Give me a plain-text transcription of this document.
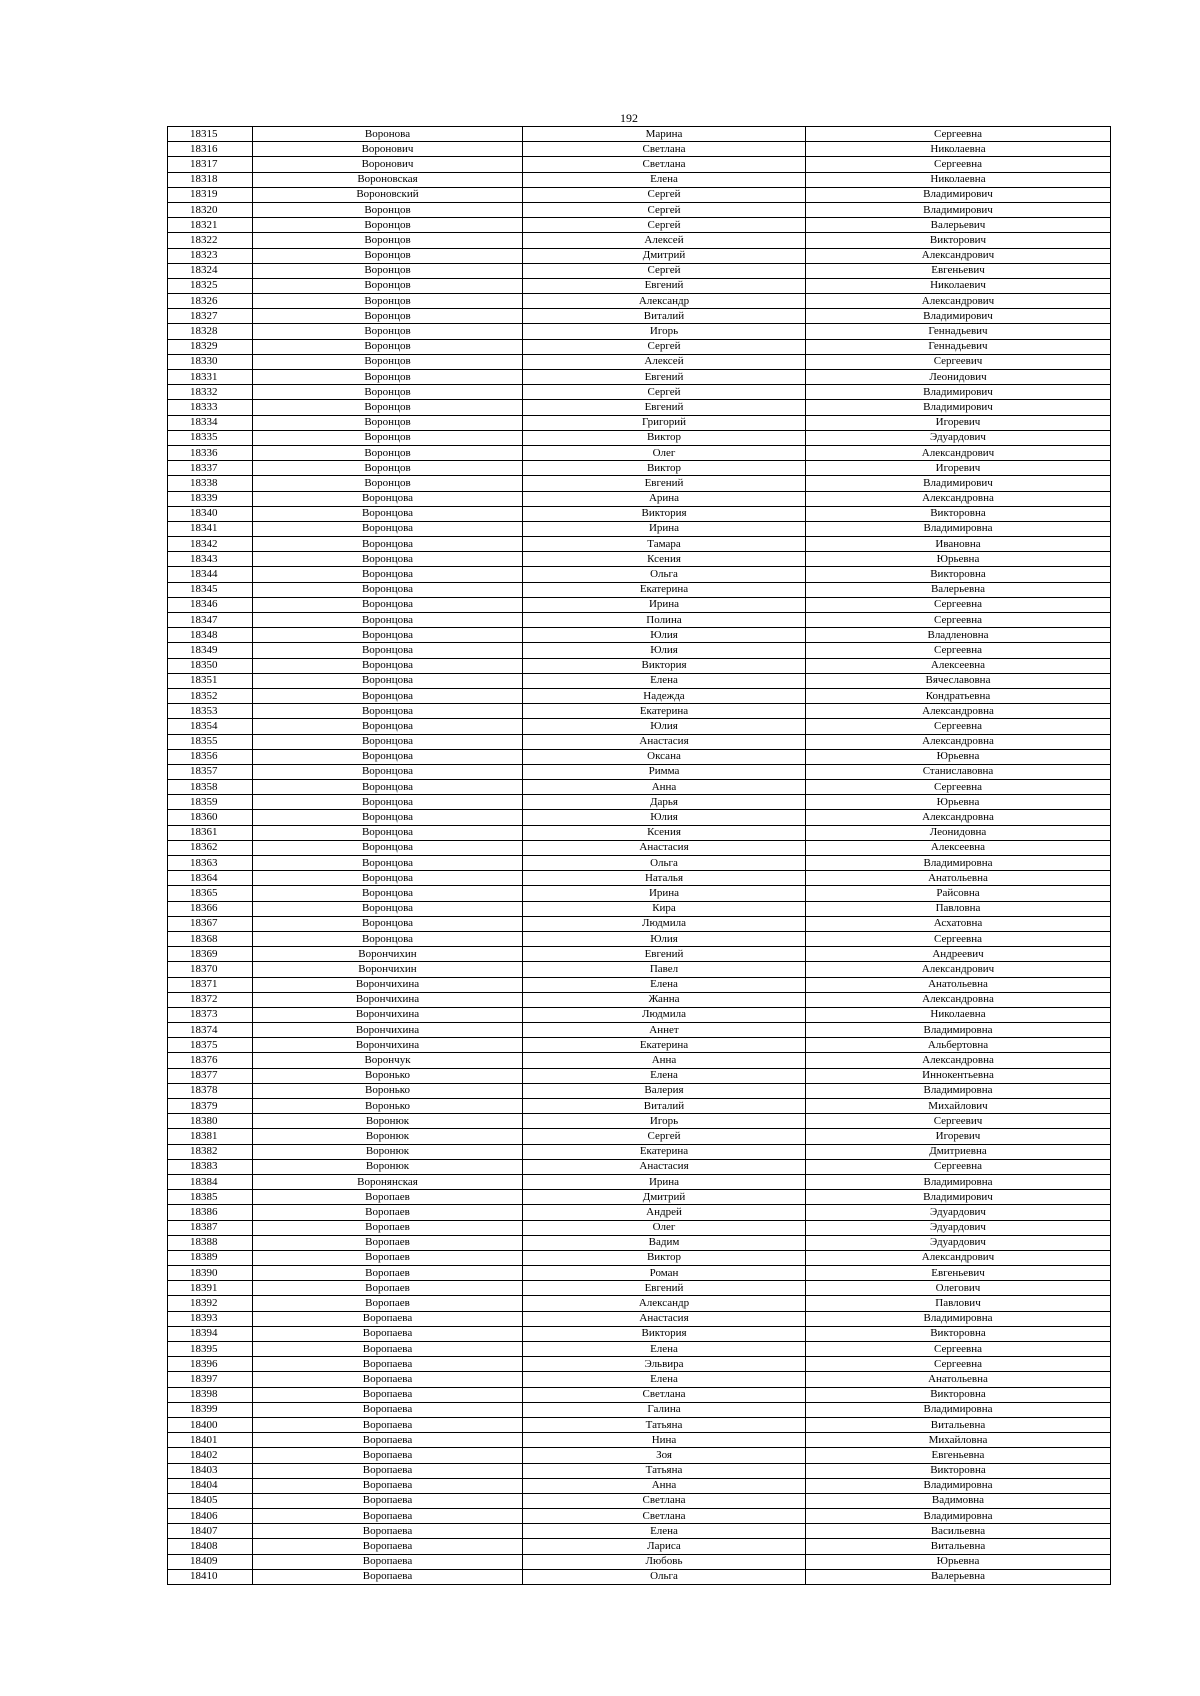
192
18315	Воронова	Марина	Сергеевна
18316	Воронович	Светлана	Николаевна
18317	Воронович	Светлана	Сергеевна
18318	Вороновская	Елена	Николаевна
18319	Вороновский	Сергей	Владимирович
18320	Воронцов	Сергей	Владимирович
18321	Воронцов	Сергей	Валерьевич
18322	Воронцов	Алексей	Викторович
18323	Воронцов	Дмитрий	Александрович
18324	Воронцов	Сергей	Евгеньевич
18325	Воронцов	Евгений	Николаевич
18326	Воронцов	Александр	Александрович
18327	Воронцов	Виталий	Владимирович
18328	Воронцов	Игорь	Геннадьевич
18329	Воронцов	Сергей	Геннадьевич
18330	Воронцов	Алексей	Сергеевич
18331	Воронцов	Евгений	Леонидович
18332	Воронцов	Сергей	Владимирович
18333	Воронцов	Евгений	Владимирович
18334	Воронцов	Григорий	Игоревич
18335	Воронцов	Виктор	Эдуардович
18336	Воронцов	Олег	Александрович
18337	Воронцов	Виктор	Игоревич
18338	Воронцов	Евгений	Владимирович
18339	Воронцова	Арина	Александровна
18340	Воронцова	Виктория	Викторовна
18341	Воронцова	Ирина	Владимировна
18342	Воронцова	Тамара	Ивановна
18343	Воронцова	Ксения	Юрьевна
18344	Воронцова	Ольга	Викторовна
18345	Воронцова	Екатерина	Валерьевна
18346	Воронцова	Ирина	Сергеевна
18347	Воронцова	Полина	Сергеевна
18348	Воронцова	Юлия	Владленовна
18349	Воронцова	Юлия	Сергеевна
18350	Воронцова	Виктория	Алексеевна
18351	Воронцова	Елена	Вячеславовна
18352	Воронцова	Надежда	Кондратьевна
18353	Воронцова	Екатерина	Александровна
18354	Воронцова	Юлия	Сергеевна
18355	Воронцова	Анастасия	Александровна
18356	Воронцова	Оксана	Юрьевна
18357	Воронцова	Римма	Станиславовна
18358	Воронцова	Анна	Сергеевна
18359	Воронцова	Дарья	Юрьевна
18360	Воронцова	Юлия	Александровна
18361	Воронцова	Ксения	Леонидовна
18362	Воронцова	Анастасия	Алексеевна
18363	Воронцова	Ольга	Владимировна
18364	Воронцова	Наталья	Анатольевна
18365	Воронцова	Ирина	Райсовна
18366	Воронцова	Кира	Павловна
18367	Воронцова	Людмила	Асхатовна
18368	Воронцова	Юлия	Сергеевна
18369	Ворончихин	Евгений	Андреевич
18370	Ворончихин	Павел	Александрович
18371	Ворончихина	Елена	Анатольевна
18372	Ворончихина	Жанна	Александровна
18373	Ворончихина	Людмила	Николаевна
18374	Ворончихина	Аннет	Владимировна
18375	Ворончихина	Екатерина	Альбертовна
18376	Ворончук	Анна	Александровна
18377	Воронько	Елена	Иннокентьевна
18378	Воронько	Валерия	Владимировна
18379	Воронько	Виталий	Михайлович
18380	Воронюк	Игорь	Сергеевич
18381	Воронюк	Сергей	Игоревич
18382	Воронюк	Екатерина	Дмитриевна
18383	Воронюк	Анастасия	Сергеевна
18384	Воронянская	Ирина	Владимировна
18385	Воропаев	Дмитрий	Владимирович
18386	Воропаев	Андрей	Эдуардович
18387	Воропаев	Олег	Эдуардович
18388	Воропаев	Вадим	Эдуардович
18389	Воропаев	Виктор	Александрович
18390	Воропаев	Роман	Евгеньевич
18391	Воропаев	Евгений	Олегович
18392	Воропаев	Александр	Павлович
18393	Воропаева	Анастасия	Владимировна
18394	Воропаева	Виктория	Викторовна
18395	Воропаева	Елена	Сергеевна
18396	Воропаева	Эльвира	Сергеевна
18397	Воропаева	Елена	Анатольевна
18398	Воропаева	Светлана	Викторовна
18399	Воропаева	Галина	Владимировна
18400	Воропаева	Татьяна	Витальевна
18401	Воропаева	Нина	Михайловна
18402	Воропаева	Зоя	Евгеньевна
18403	Воропаева	Татьяна	Викторовна
18404	Воропаева	Анна	Владимировна
18405	Воропаева	Светлана	Вадимовна
18406	Воропаева	Светлана	Владимировна
18407	Воропаева	Елена	Васильевна
18408	Воропаева	Лариса	Витальевна
18409	Воропаева	Любовь	Юрьевна
18410	Воропаева	Ольга	Валерьевна
